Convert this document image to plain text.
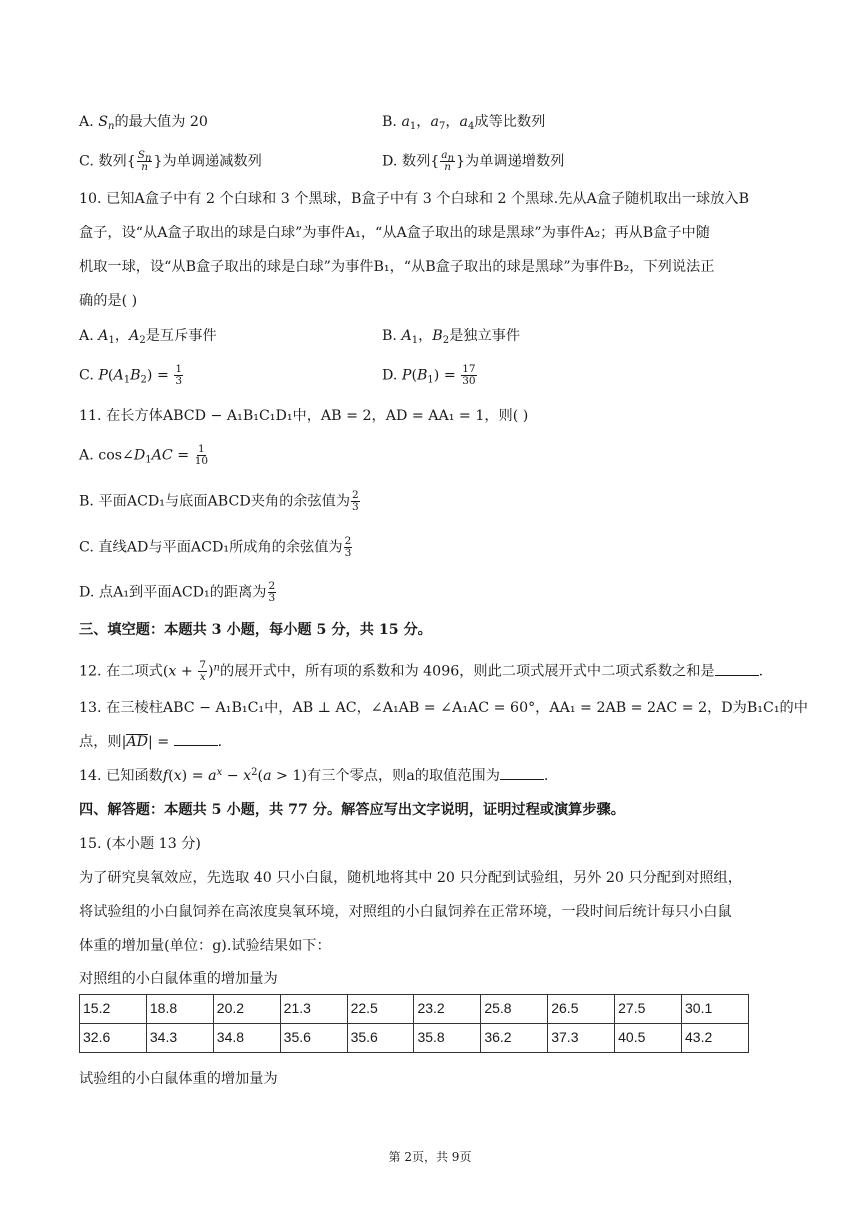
A. $S_n$的最大值为 20	B. $a_1$，$a_7$，$a_4$成等比数列
C. 数列{ $\frac{S_n}{n}$ }为单调递减数列	D. 数列{ $\frac{a_n}{n}$ }为单调递增数列
10. 已知A盒子中有 2 个白球和 3 个黑球，B盒子中有 3 个白球和 2 个黑球.先从A盒子随机取出一球放入B
盒子，设“从A盒子取出的球是白球”为事件A₁，“从A盒子取出的球是黑球”为事件A₂；再从B盒子中随
机取一球，设“从B盒子取出的球是白球”为事件B₁，“从B盒子取出的球是黑球”为事件B₂，下列说法正
确的是( )
A. $A_1$，$A_2$是互斥事件	B. $A_1$，$B_2$是独立事件
C. $P(A_1B_2) = \frac{1}{3}$	D. $P(B_1) = \frac{17}{30}$
11. 在长方体ABCD − A₁B₁C₁D₁中，AB = 2，AD = AA₁ = 1，则( )
A. $\cos\angle D_1AC = \frac{1}{10}$
B. 平面ACD₁与底面ABCD夹角的余弦值为 $\frac{2}{3}$
C. 直线AD与平面ACD₁所成角的余弦值为 $\frac{2}{3}$
D. 点A₁到平面ACD₁的距离为 $\frac{2}{3}$
三、填空题：本题共 3 小题，每小题 5 分，共 15 分。
12. 在二项式$(x + \frac{7}{x} )^n$的展开式中，所有项的系数和为 4096，则此二项式展开式中二项式系数之和是	.
13. 在三棱柱ABC − A₁B₁C₁中，AB ⊥ AC，∠A₁AB = ∠A₁AC = 60°，AA₁ = 2AB = 2AC = 2，D为B₁C₁的中
点，则|AD| =	.
14. 已知函数$f(x) = a^x - x^2(a > 1)$有三个零点，则a的取值范围为	.
四、解答题：本题共 5 小题，共 77 分。解答应写出文字说明，证明过程或演算步骤。
15. (本小题 13 分)
为了研究臭氧效应，先选取 40 只小白鼠，随机地将其中 20 只分配到试验组，另外 20 只分配到对照组，
将试验组的小白鼠饲养在高浓度臭氧环境，对照组的小白鼠饲养在正常环境，一段时间后统计每只小白鼠
体重的增加量(单位：g).试验结果如下：
对照组的小白鼠体重的增加量为
15.2	18.8	20.2	21.3	22.5	23.2	25.8	26.5	27.5	30.1
32.6	34.3	34.8	35.6	35.6	35.8	36.2	37.3	40.5	43.2
试验组的小白鼠体重的增加量为
第 2页，共 9页
